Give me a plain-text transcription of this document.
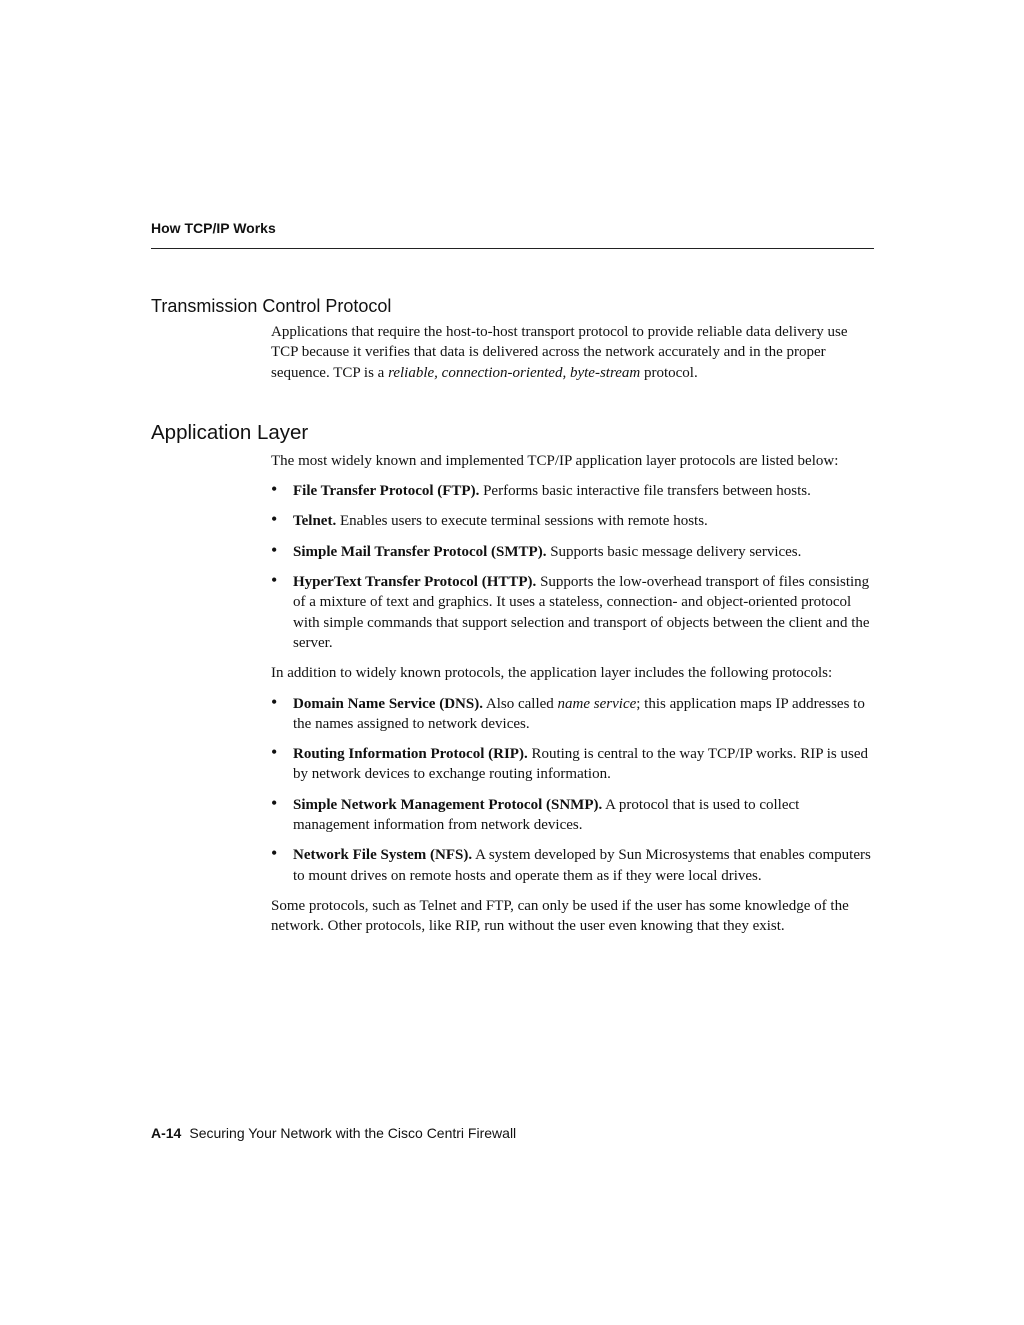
How TCP/IP Works
Transmission Control Protocol

Applications that require the host-to-host transport protocol to provide reliable data delivery use TCP because it verifies that data is delivered across the network accurately and in the proper sequence. TCP is a reliable, connection-oriented, byte-stream protocol.

Application Layer

The most widely known and implemented TCP/IP application layer protocols are listed below:

• File Transfer Protocol (FTP). Performs basic interactive file transfers between hosts.
• Telnet. Enables users to execute terminal sessions with remote hosts.
• Simple Mail Transfer Protocol (SMTP). Supports basic message delivery services.
• HyperText Transfer Protocol (HTTP). Supports the low-overhead transport of files consisting of a mixture of text and graphics. It uses a stateless, connection- and object-oriented protocol with simple commands that support selection and transport of objects between the client and the server.

In addition to widely known protocols, the application layer includes the following protocols:

• Domain Name Service (DNS). Also called name service; this application maps IP addresses to the names assigned to network devices.
• Routing Information Protocol (RIP). Routing is central to the way TCP/IP works. RIP is used by network devices to exchange routing information.
• Simple Network Management Protocol (SNMP). A protocol that is used to collect management information from network devices.
• Network File System (NFS). A system developed by Sun Microsystems that enables computers to mount drives on remote hosts and operate them as if they were local drives.

Some protocols, such as Telnet and FTP, can only be used if the user has some knowledge of the network. Other protocols, like RIP, run without the user even knowing that they exist.

A-14 Securing Your Network with the Cisco Centri Firewall
